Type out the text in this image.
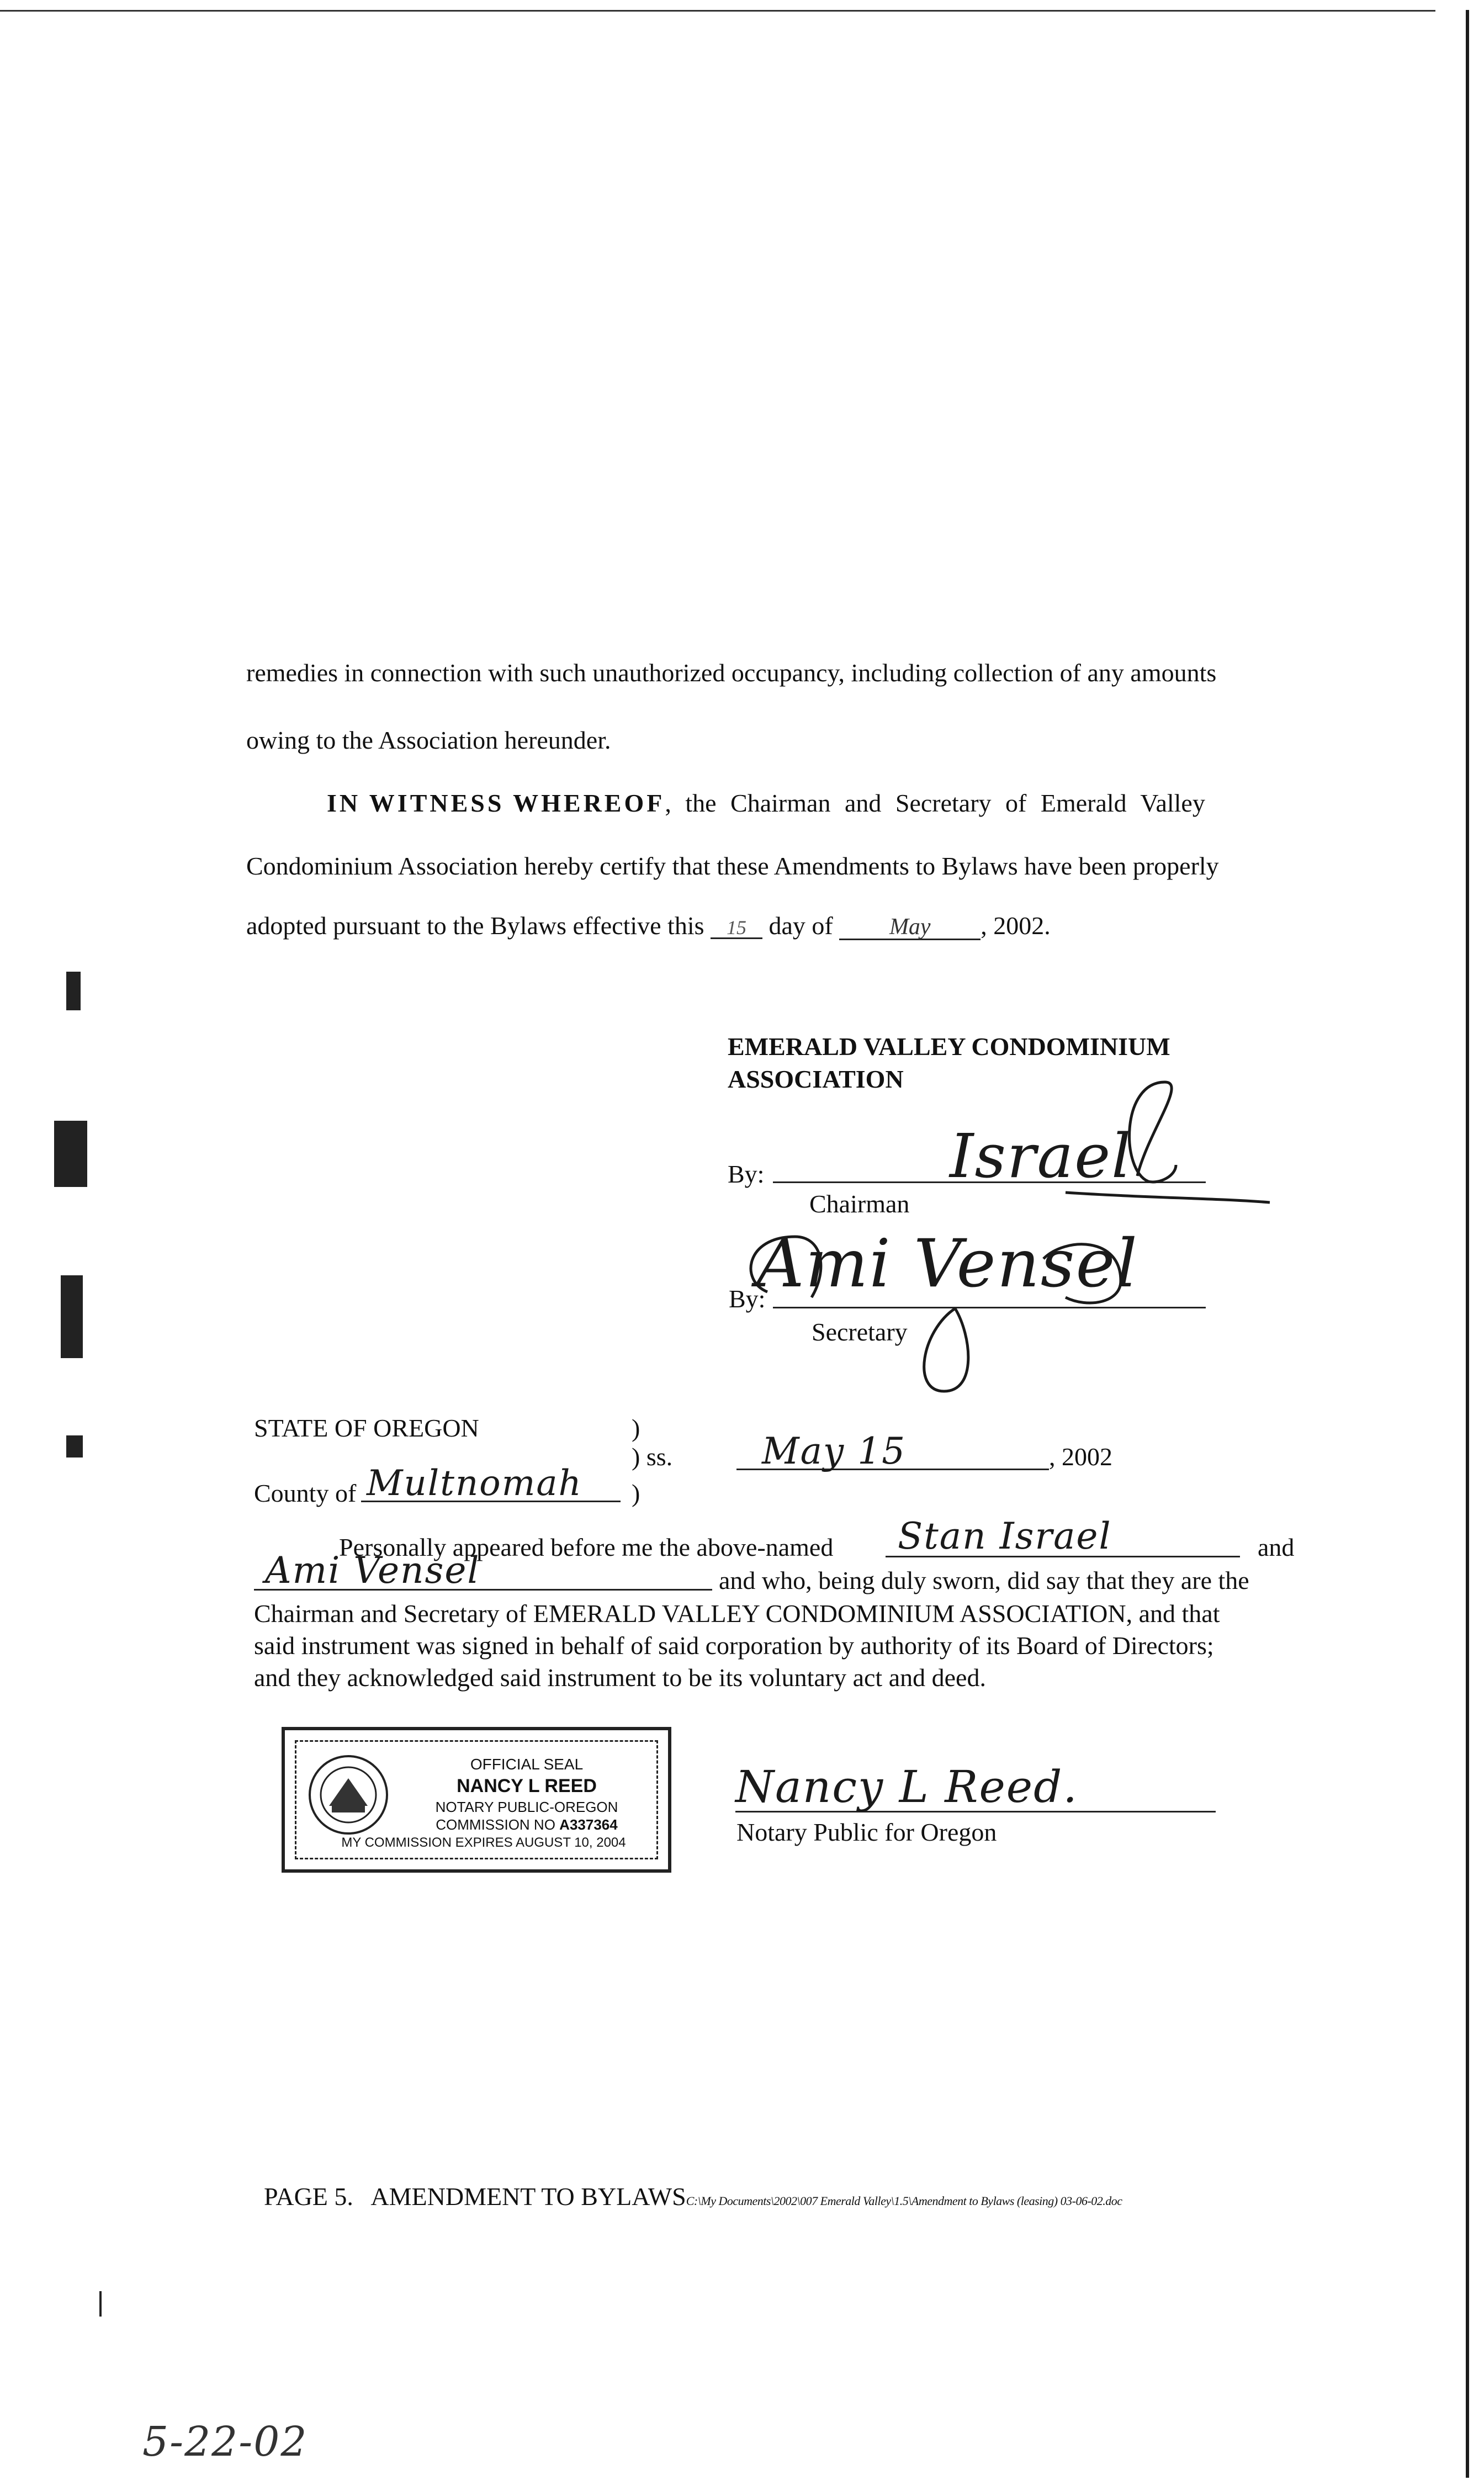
remedies in connection with such unauthorized occupancy, including collection of any amounts
owing to the Association hereunder.
IN WITNESS WHEREOF, the Chairman and Secretary of Emerald Valley
Condominium Association hereby certify that these Amendments to Bylaws have been properly
adopted pursuant to the Bylaws effective this 15 day of May , 2002.
EMERALD VALLEY CONDOMINIUM
ASSOCIATION
By:	Israel
Chairman
By:
Ami Vensel
Secretary
STATE OF OREGON	)
) ss. May 15	, 2002
County of Multnomah )
Personally appeared before me the above-named Stan Israel	and
Ami Vensel	and who, being duly sworn, did say that they are the
Chairman and Secretary of EMERALD VALLEY CONDOMINIUM ASSOCIATION, and that
said instrument was signed in behalf of said corporation by authority of its Board of Directors;
and they acknowledged said instrument to be its voluntary act and deed.
OFFICIAL SEAL
NANCY L REED
NOTARY PUBLIC-OREGON
COMMISSION NO A337364
MY COMMISSION EXPIRES AUGUST 10, 2004
Nancy L Reed.
Notary Public for Oregon
PAGE 5. AMENDMENT TO BYLAWSC:\My Documents\2002\007 Emerald Valley\1.5\Amendment to Bylaws (leasing) 03-06-02.doc
5-22-02
